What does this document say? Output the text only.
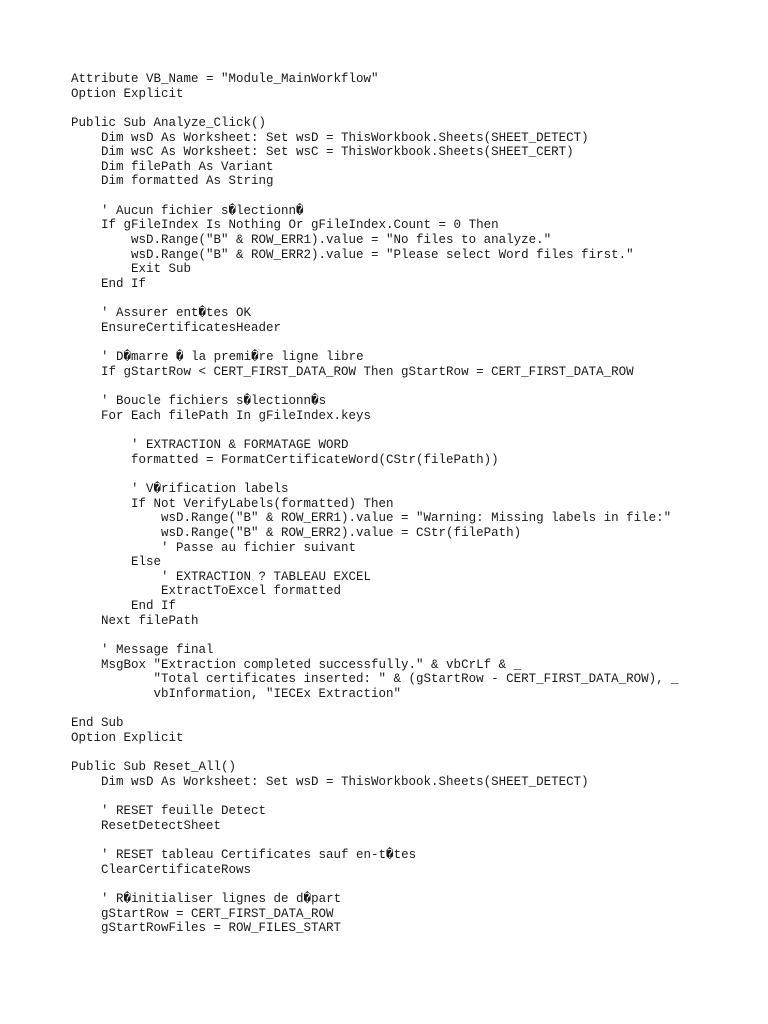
Attribute VB_Name = "Module_MainWorkflow"
Option Explicit
Public Sub Analyze_Click()
Dim wsD As Worksheet: Set wsD = ThisWorkbook.Sheets(SHEET_DETECT)
Dim wsC As Worksheet: Set wsC = ThisWorkbook.Sheets(SHEET_CERT)
Dim filePath As Variant
Dim formatted As String
' Aucun fichier s�lectionn�
If gFileIndex Is Nothing Or gFileIndex.Count = 0 Then
wsD.Range("B" & ROW_ERR1).value = "No files to analyze."
wsD.Range("B" & ROW_ERR2).value = "Please select Word files first."
Exit Sub
End If
' Assurer ent�tes OK
EnsureCertificatesHeader
' D�marre � la premi�re ligne libre
If gStartRow < CERT_FIRST_DATA_ROW Then gStartRow = CERT_FIRST_DATA_ROW
' Boucle fichiers s�lectionn�s
For Each filePath In gFileIndex.keys
' EXTRACTION & FORMATAGE WORD
formatted = FormatCertificateWord(CStr(filePath))
' V�rification labels
If Not VerifyLabels(formatted) Then
wsD.Range("B" & ROW_ERR1).value = "Warning: Missing labels in file:"
wsD.Range("B" & ROW_ERR2).value = CStr(filePath)
' Passe au fichier suivant
Else
' EXTRACTION ? TABLEAU EXCEL
ExtractToExcel formatted
End If
Next filePath
' Message final
MsgBox "Extraction completed successfully." & vbCrLf & _
"Total certificates inserted: " & (gStartRow - CERT_FIRST_DATA_ROW), _
vbInformation, "IECEx Extraction"
End Sub
Option Explicit
Public Sub Reset_All()
Dim wsD As Worksheet: Set wsD = ThisWorkbook.Sheets(SHEET_DETECT)
' RESET feuille Detect
ResetDetectSheet
' RESET tableau Certificates sauf en-t�tes
ClearCertificateRows
' R�initialiser lignes de d�part
gStartRow = CERT_FIRST_DATA_ROW
gStartRowFiles = ROW_FILES_START
